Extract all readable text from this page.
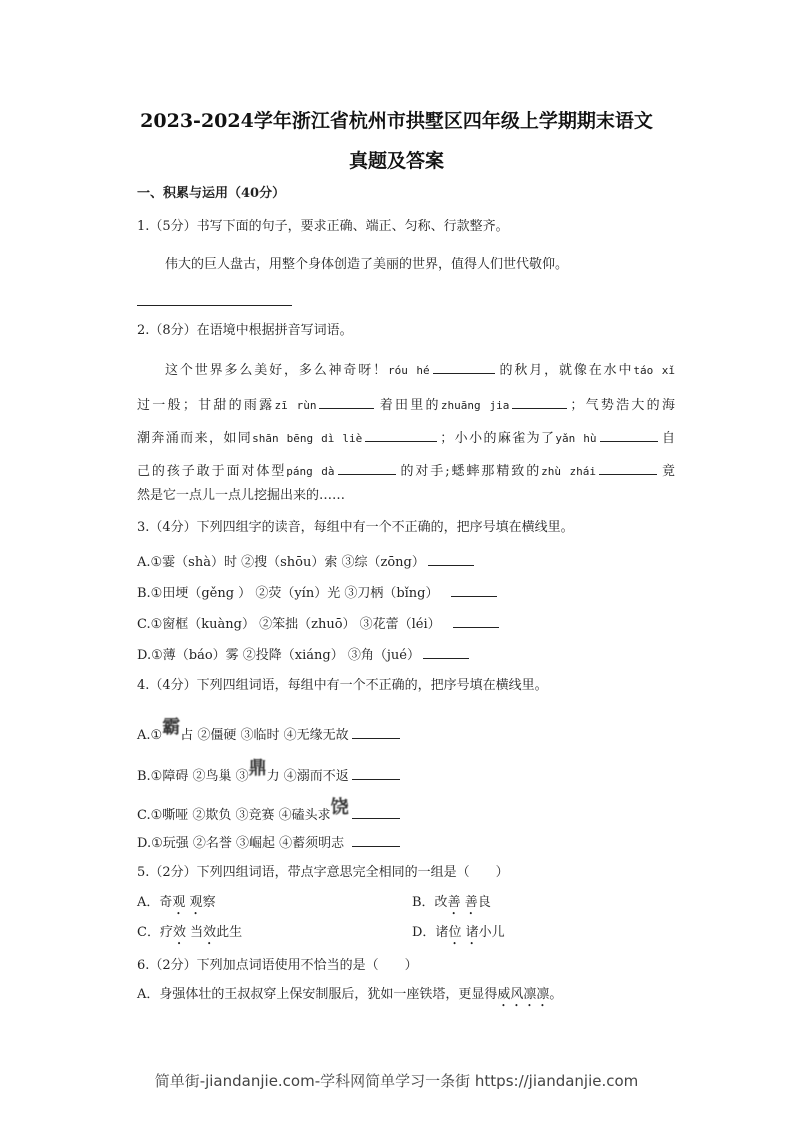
2023-2024学年浙江省杭州市拱墅区四年级上学期期末语文
真题及答案
一、积累与运用（40分）
1.（5分）书写下面的句子，要求正确、端正、匀称、行款整齐。
伟大的巨人盘古，用整个身体创造了美丽的世界，值得人们世代敬仰。
2.（8分）在语境中根据拼音写词语。
这个世界多么美好，多么神奇呀！róu hé	的秋月，就像在水中táo xǐ
过一般；甘甜的雨露zī rùn	着田里的zhuāng jia	；气势浩大的海
潮奔涌而来，如同shān bēng dì liè	；小小的麻雀为了yǎn hù	自
己的孩子敢于面对体型páng dà	的对手;蟋蟀那精致的zhù zhái	竟
然是它一点儿一点儿挖掘出来的……
3.（4分）下列四组字的读音，每组中有一个不正确的，把序号填在横线里。
A.①霎（shà）时 ②搜（shōu）索 ③综（zōng）
B.①田埂（gěng ） ②荧（yín）光 ③刀柄（bǐng）
C.①窗框（kuàng） ②笨拙（zhuō） ③花蕾（léi）
D.①薄（báo）雾 ②投降（xiáng） ③角（jué）
4.（4分）下列四组词语，每组中有一个不正确的，把序号填在横线里。
A.①霸占 ②僵硬 ③临时 ④无缘无故
B.①障碍 ②鸟巢 ③鼎力 ④溺而不返
C.①嘶哑 ②欺负 ③竞赛 ④磕头求饶
D.①玩强 ②名誉 ③崛起 ④蓄须明志
5.（2分）下列四组词语，带点字意思完全相同的一组是（　　）
A．奇观 观察	B．改善 善良
C．疗效 当效此生	D．诸位 诸小儿
6.（2分）下列加点词语使用不恰当的是（　　）
A．身强体壮的王叔叔穿上保安制服后，犹如一座铁塔，更显得威风凛凛。
简单街-jiandanjie.com-学科网简单学习一条街 https://jiandanjie.com
